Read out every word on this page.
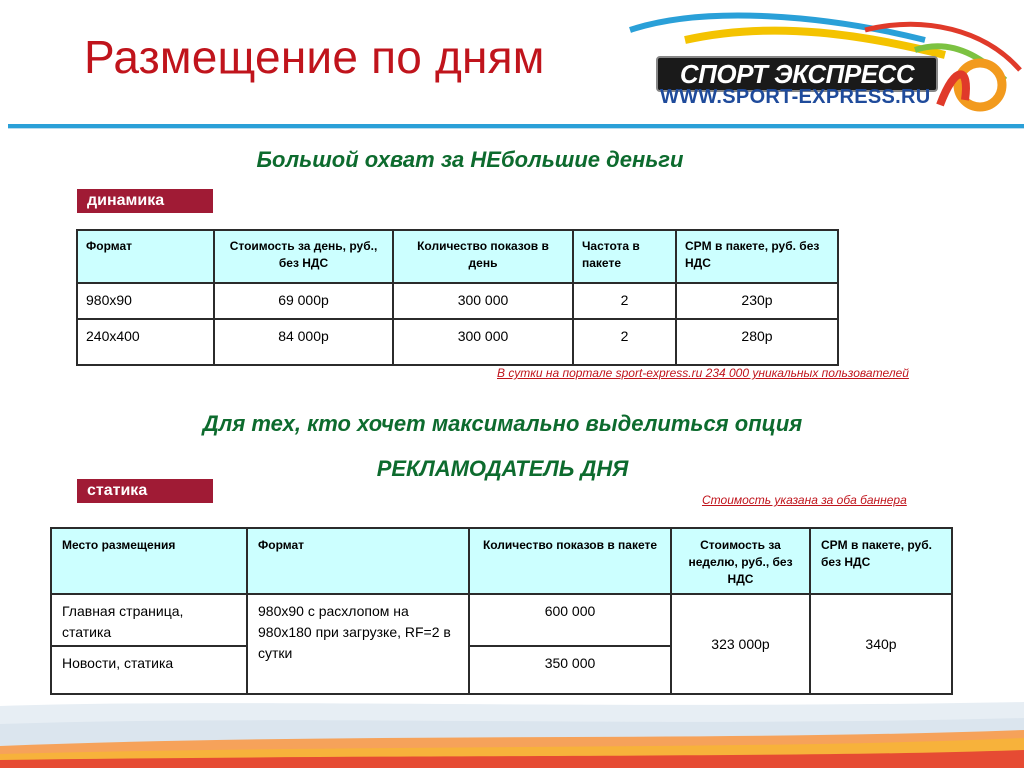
Размещение по дням	СПОРТ ЭКСПРЕСС
WWW.SPORT-EXPRESS.RU
Большой охват за НЕбольшие деньги
динамика
Формат	Стоимость за день, руб., без НДС	Количество показов в день	Частота в пакете	CPM в пакете, руб. без НДС
980x90	69 000р	300 000	2	230р
240x400	84 000р	300 000	2	280р
В сутки на портале sport-express.ru 234 000 уникальных пользователей
Для тех, кто хочет максимально выделиться опция
РЕКЛАМОДАТЕЛЬ ДНЯ
статика
Стоимость указана за оба баннера
Место размещения	Формат	Количество показов в пакете	Стоимость за неделю, руб., без НДС	CPM в пакете, руб. без НДС
Главная страница, статика	980x90 с расхлопом на 980x180 при загрузке, RF=2 в сутки	600 000	323 000р	340р
Новости, статика		350 000		
